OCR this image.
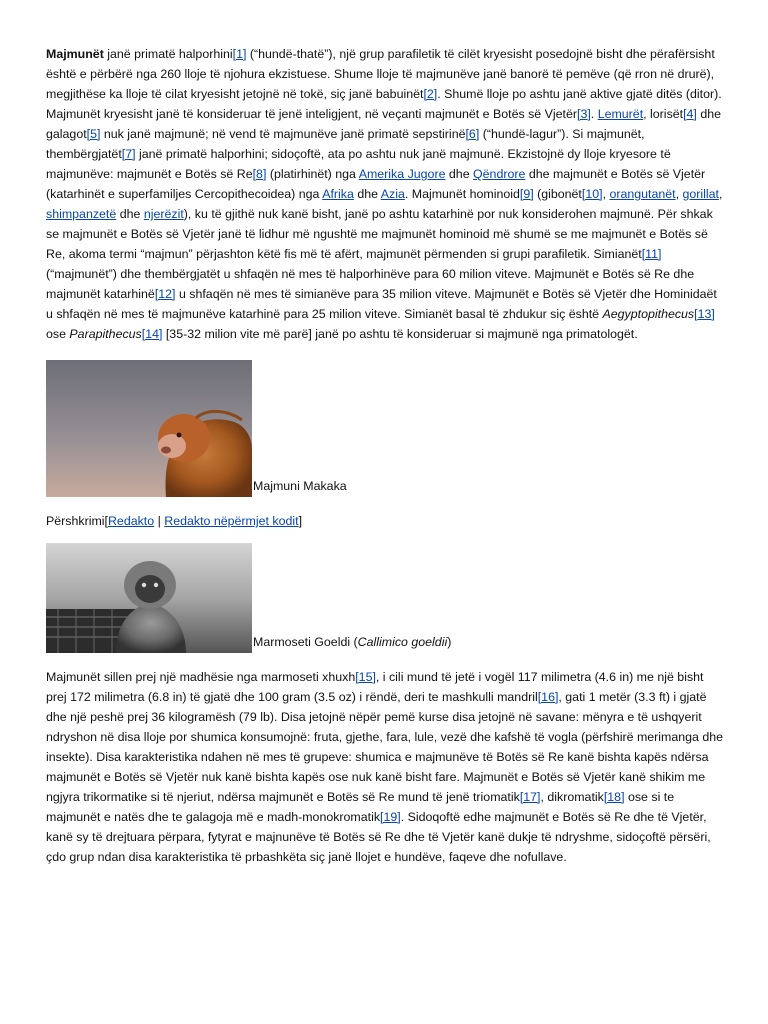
Majmunët janë primatë halporhini[1] (“hundë-thatë”), një grup parafiletik të cilët kryesisht posedojnë bisht dhe përafërsisht është e përbërë nga 260 lloje të njohura ekzistuese. Shume lloje të majmunëve janë banorë të pemëve (që rron në drurë), megjithëse ka lloje të cilat kryesisht jetojnë në tokë, siç janë babuinët[2]. Shumë lloje po ashtu janë aktive gjatë ditës (ditor). Majmunët kryesisht janë të konsideruar të jenë inteligjent, në veçanti majmunët e Botës së Vjetër[3]. Lemurët, lorisët[4] dhe galagot[5] nuk janë majmunë; në vend të majmunëve janë primatë sepstirinë[6] (“hundë-lagur”). Si majmunët, thembërgjatët[7] janë primatë halporhini; sidoçoftë, ata po ashtu nuk janë majmunë. Ekzistojnë dy lloje kryesore të majmunëve: majmunët e Botës së Re[8] (platirhinët) nga Amerika Jugore dhe Qëndrore dhe majmunët e Botës së Vjetër (katarhinët e superfamiljes Cercopithecoidea) nga Afrika dhe Azia. Majmunët hominoid[9] (gibonët[10], orangutanët, gorillat, shimpanzetë dhe njerëzit), ku të gjithë nuk kanë bisht, janë po ashtu katarhinë por nuk konsiderohen majmunë. Për shkak se majmunët e Botës së Vjetër janë të lidhur më ngushtë me majmunët hominoid më shumë se me majmunët e Botës së Re, akoma termi “majmun” përjashton këtë fis më të afërt, majmunët përmenden si grupi parafiletik. Simianët[11] (“majmunët”) dhe thembërgjatët u shfaqën në mes të halporhinëve para 60 milion viteve. Majmunët e Botës së Re dhe majmunët katarhinë[12] u shfaqën në mes të simianëve para 35 milion viteve. Majmunët e Botës së Vjetër dhe Hominidaët u shfaqën në mes të majmunëve katarhinë para 25 milion viteve. Simianët basal të zhdukur siç është Aegyptopithecus[13] ose Parapithecus[14] [35-32 milion vite më parë] janë po ashtu të konsideruar si majmunë nga primatologët.

Majmuni Makaka

Përshkrimi[Redakto | Redakto nëpërmjet kodit]

Marmoseti Goeldi (Callimico goeldii)

Majmunët sillen prej një madhësie nga marmoseti xhuxh[15], i cili mund të jetë i vogël 117 milimetra (4.6 in) me një bisht prej 172 milimetra (6.8 in) të gjatë dhe 100 gram (3.5 oz) i rëndë, deri te mashkulli mandril[16], gati 1 metër (3.3 ft) i gjatë dhe një peshë prej 36 kilogramësh (79 lb). Disa jetojnë nëpër pemë kurse disa jetojnë në savane: mënyra e të ushqyerit ndryshon në disa lloje por shumica konsumojnë: fruta, gjethe, fara, lule, vezë dhe kafshë të vogla (përfshirë merimanga dhe insekte). Disa karakteristika ndahen në mes të grupeve: shumica e majmunëve të Botës së Re kanë bishta kapës ndërsa majmunët e Botës së Vjetër nuk kanë bishta kapës ose nuk kanë bisht fare. Majmunët e Botës së Vjetër kanë shikim me ngjyra trikormatike si të njeriut, ndërsa majmunët e Botës së Re mund të jenë triomatik[17], dikromatik[18] ose si te majmunët e natës dhe te galagoja më e madh-monokromatik[19]. Sidoqoftë edhe majmunët e Botës së Re dhe të Vjetër, kanë sy të drejtuara përpara, fytyrat e majnunëve të Botës së Re dhe të Vjetër kanë dukje të ndryshme, sidoçoftë përsëri, çdo grup ndan disa karakteristika të prbashkëta siç janë llojet e hundëve, faqeve dhe nofullave.
